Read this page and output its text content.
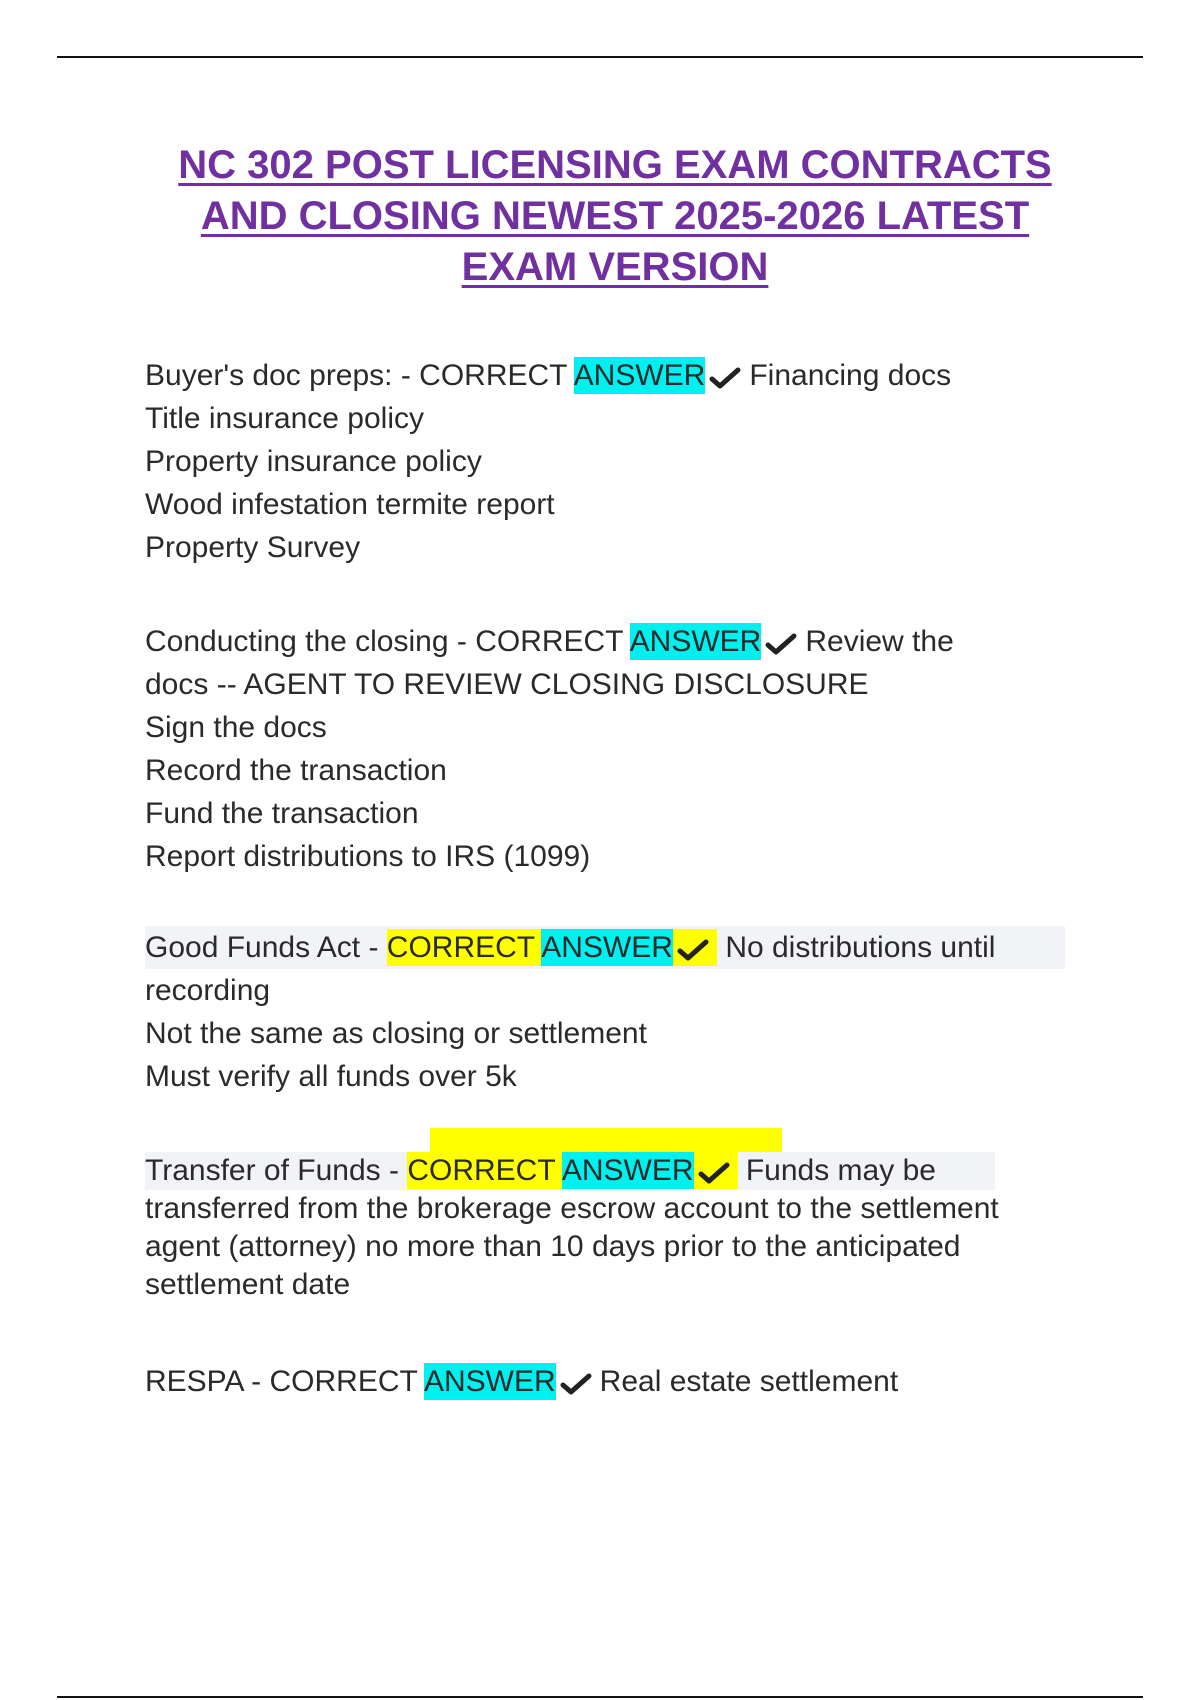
NC 302 POST LICENSING EXAM CONTRACTS
AND CLOSING NEWEST 2025-2026 LATEST
EXAM VERSION
Buyer's doc preps: - CORRECT ANSWER Financing docs
Title insurance policy
Property insurance policy
Wood infestation termite report
Property Survey
Conducting the closing - CORRECT ANSWER Review the
docs -- AGENT TO REVIEW CLOSING DISCLOSURE
Sign the docs
Record the transaction
Fund the transaction
Report distributions to IRS (1099)
Good Funds Act - CORRECT ANSWER No distributions until
recording
Not the same as closing or settlement
Must verify all funds over 5k
Transfer of Funds - CORRECT ANSWER Funds may be
transferred from the brokerage escrow account to the settlement
agent (attorney) no more than 10 days prior to the anticipated
settlement date
RESPA - CORRECT ANSWER Real estate settlement
